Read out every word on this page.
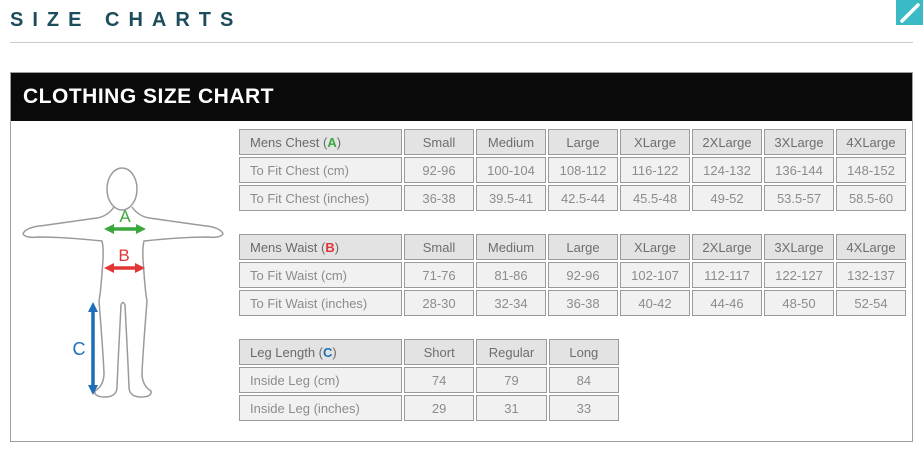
SIZE CHARTS
CLOTHING SIZE CHART
A
B
C
Mens Chest (A)	Small	Medium	Large	XLarge	2XLarge	3XLarge	4XLarge
To Fit Chest (cm)	92-96	100-104	108-112	116-122	124-132	136-144	148-152
To Fit Chest (inches)	36-38	39.5-41	42.5-44	45.5-48	49-52	53.5-57	58.5-60
Mens Waist (B)	Small	Medium	Large	XLarge	2XLarge	3XLarge	4XLarge
To Fit Waist (cm)	71-76	81-86	92-96	102-107	112-117	122-127	132-137
To Fit Waist (inches)	28-30	32-34	36-38	40-42	44-46	48-50	52-54
Leg Length (C)	Short	Regular	Long
Inside Leg (cm)	74	79	84
Inside Leg (inches)	29	31	33
